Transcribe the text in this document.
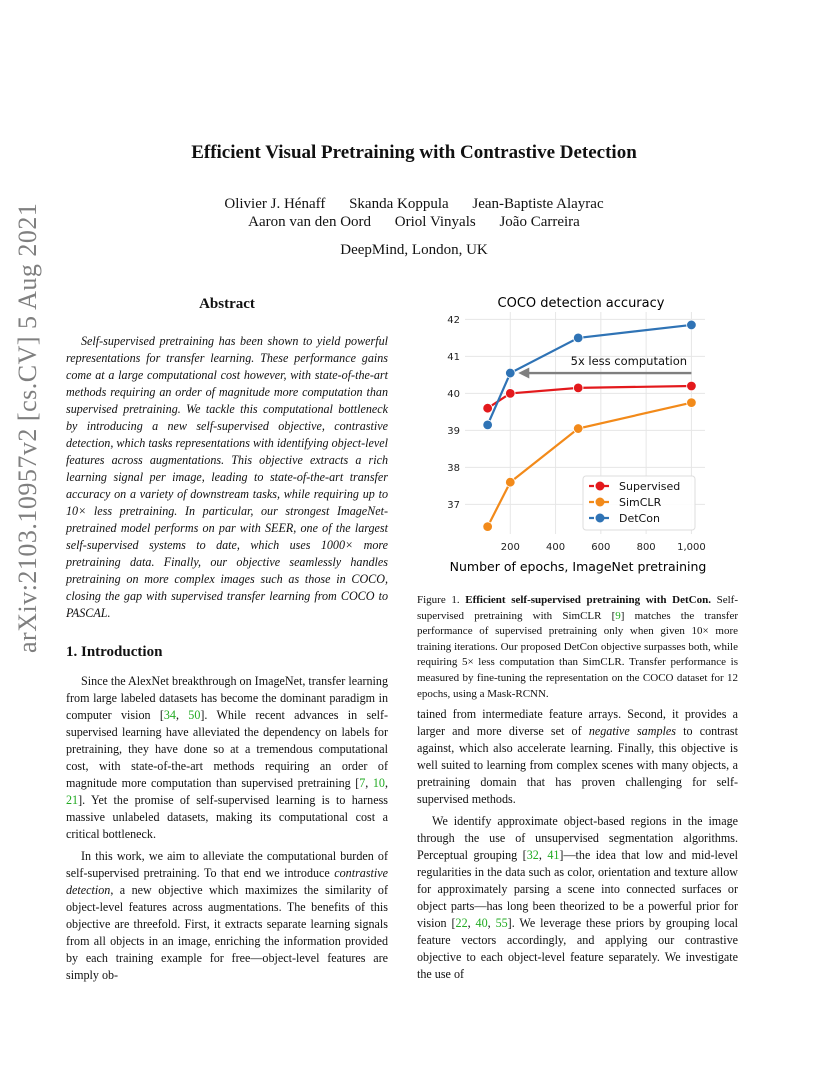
arXiv:2103.10957v2 [cs.CV] 5 Aug 2021
Efficient Visual Pretraining with Contrastive Detection
Olivier J. Hénaff Skanda Koppula Jean-Baptiste Alayrac
Aaron van den Oord Oriol Vinyals João Carreira
DeepMind, London, UK
Abstract

Self-supervised pretraining has been shown to yield powerful representations for transfer learning. These performance gains come at a large computational cost however, with state-of-the-art methods requiring an order of magnitude more computation than supervised pretraining. We tackle this computational bottleneck by introducing a new self-supervised objective, contrastive detection, which tasks representations with identifying object-level features across augmentations. This objective extracts a rich learning signal per image, leading to state-of-the-art transfer accuracy on a variety of downstream tasks, while requiring up to 10× less pretraining. In particular, our strongest ImageNet-pretrained model performs on par with SEER, one of the largest self-supervised systems to date, which uses 1000× more pretraining data. Finally, our objective seamlessly handles pretraining on more complex images such as those in COCO, closing the gap with supervised transfer learning from COCO to PASCAL.

1. Introduction

Since the AlexNet breakthrough on ImageNet, transfer learning from large labeled datasets has become the dominant paradigm in computer vision [34, 50]. While recent advances in self-supervised learning have alleviated the dependency on labels for pretraining, they have done so at a tremendous computational cost, with state-of-the-art methods requiring an order of magnitude more computation than supervised pretraining [7, 10, 21]. Yet the promise of self-supervised learning is to harness massive unlabeled datasets, making its computational cost a critical bottleneck.

In this work, we aim to alleviate the computational burden of self-supervised pretraining. To that end we introduce contrastive detection, a new objective which maximizes the similarity of object-level features across augmentations. The benefits of this objective are threefold. First, it extracts separate learning signals from all objects in an image, enriching the information provided by each training example for free—object-level features are simply ob-

COCO detection accuracy
37
38
39
40
41
42
200	400	600	800 1,000
5x less computation
Supervised
SimCLR
DetCon
Number of epochs, ImageNet pretraining
Figure 1. Efficient self-supervised pretraining with DetCon. Self-supervised pretraining with SimCLR [9] matches the transfer performance of supervised pretraining only when given 10× more training iterations. Our proposed DetCon objective surpasses both, while requiring 5× less computation than SimCLR. Transfer performance is measured by fine-tuning the representation on the COCO dataset for 12 epochs, using a Mask-RCNN.

tained from intermediate feature arrays. Second, it provides a larger and more diverse set of negative samples to contrast against, which also accelerate learning. Finally, this objective is well suited to learning from complex scenes with many objects, a pretraining domain that has proven challenging for self-supervised methods.

We identify approximate object-based regions in the image through the use of unsupervised segmentation algorithms. Perceptual grouping [32, 41]—the idea that low and mid-level regularities in the data such as color, orientation and texture allow for approximately parsing a scene into connected surfaces or object parts—has long been theorized to be a powerful prior for vision [22, 40, 55]. We leverage these priors by grouping local feature vectors accordingly, and applying our contrastive objective to each object-level feature separately. We investigate the use of
